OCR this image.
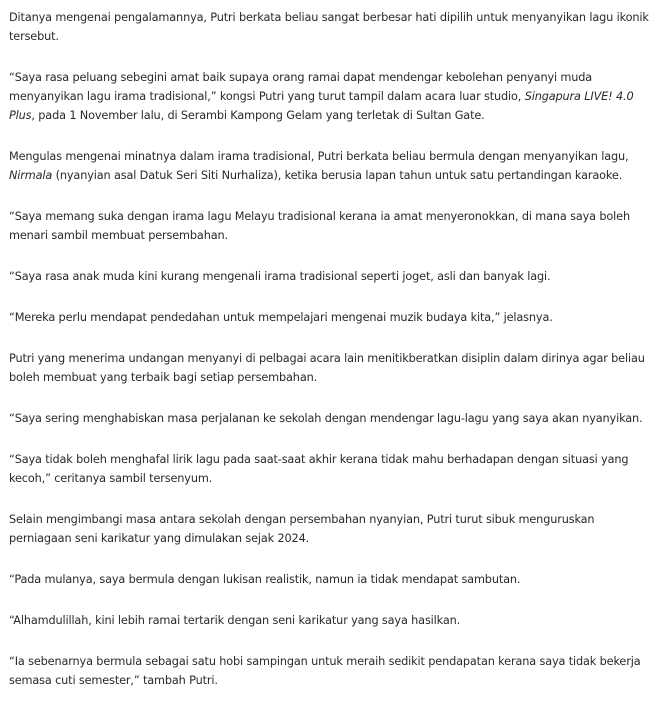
Ditanya mengenai pengalamannya, Putri berkata beliau sangat berbesar hati dipilih untuk menyanyikan lagu ikonik tersebut.

“Saya rasa peluang sebegini amat baik supaya orang ramai dapat mendengar kebolehan penyanyi muda menyanyikan lagu irama tradisional,” kongsi Putri yang turut tampil dalam acara luar studio, Singapura LIVE! 4.0 Plus, pada 1 November lalu, di Serambi Kampong Gelam yang terletak di Sultan Gate.

Mengulas mengenai minatnya dalam irama tradisional, Putri berkata beliau bermula dengan menyanyikan lagu, Nirmala (nyanyian asal Datuk Seri Siti Nurhaliza), ketika berusia lapan tahun untuk satu pertandingan karaoke.

“Saya memang suka dengan irama lagu Melayu tradisional kerana ia amat menyeronokkan, di mana saya boleh menari sambil membuat persembahan.

“Saya rasa anak muda kini kurang mengenali irama tradisional seperti joget, asli dan banyak lagi.

“Mereka perlu mendapat pendedahan untuk mempelajari mengenai muzik budaya kita,” jelasnya.

Putri yang menerima undangan menyanyi di pelbagai acara lain menitikberatkan disiplin dalam dirinya agar beliau boleh membuat yang terbaik bagi setiap persembahan.

“Saya sering menghabiskan masa perjalanan ke sekolah dengan mendengar lagu-lagu yang saya akan nyanyikan.

“Saya tidak boleh menghafal lirik lagu pada saat-saat akhir kerana tidak mahu berhadapan dengan situasi yang kecoh,” ceritanya sambil tersenyum.

Selain mengimbangi masa antara sekolah dengan persembahan nyanyian, Putri turut sibuk menguruskan perniagaan seni karikatur yang dimulakan sejak 2024.

“Pada mulanya, saya bermula dengan lukisan realistik, namun ia tidak mendapat sambutan.

“Alhamdulillah, kini lebih ramai tertarik dengan seni karikatur yang saya hasilkan.

“Ia sebenarnya bermula sebagai satu hobi sampingan untuk meraih sedikit pendapatan kerana saya tidak bekerja semasa cuti semester,” tambah Putri.
